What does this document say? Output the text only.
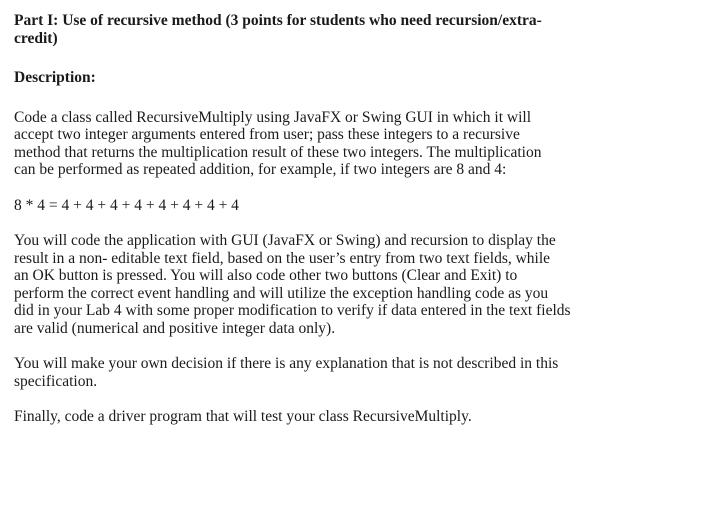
Part I: Use of recursive method (3 points for students who need recursion/extra-
credit)
Description:
Code a class called RecursiveMultiply using JavaFX or Swing GUI in which it will
accept two integer arguments entered from user; pass these integers to a recursive
method that returns the multiplication result of these two integers. The multiplication
can be performed as repeated addition, for example, if two integers are 8 and 4:
8 * 4 = 4 + 4 + 4 + 4 + 4 + 4 + 4 + 4
You will code the application with GUI (JavaFX or Swing) and recursion to display the
result in a non- editable text field, based on the user’s entry from two text fields, while
an OK button is pressed. You will also code other two buttons (Clear and Exit) to
perform the correct event handling and will utilize the exception handling code as you
did in your Lab 4 with some proper modification to verify if data entered in the text fields
are valid (numerical and positive integer data only).
You will make your own decision if there is any explanation that is not described in this
specification.
Finally, code a driver program that will test your class RecursiveMultiply.
